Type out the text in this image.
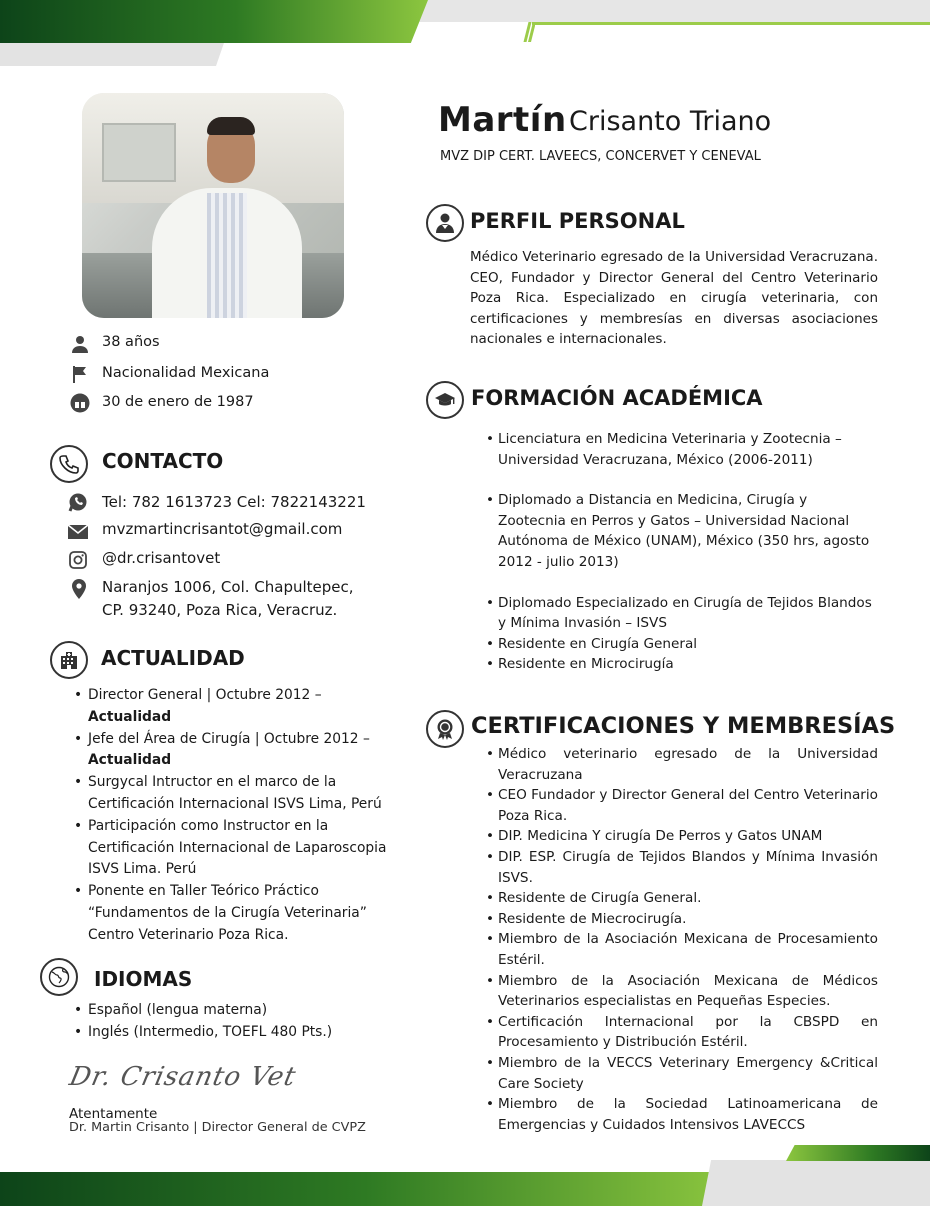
Martín Crisanto Triano
MVZ DIP CERT. LAVEECS, CONCERVET Y CENEVAL
38 años
Nacionalidad Mexicana
30 de enero de 1987
CONTACTO
Tel: 782 1613723 Cel: 7822143221
mvzmartincrisantot@gmail.com
@dr.crisantovet
Naranjos 1006, Col. Chapultepec,
CP. 93240, Poza Rica, Veracruz.
ACTUALIDAD
• Director General | Octubre 2012 –
Actualidad
• Jefe del Área de Cirugía | Octubre 2012 –
Actualidad
• Surgycal Intructor en el marco de la Certificación Internacional ISVS Lima, Perú
• Participación como Instructor en la Certificación Internacional de Laparoscopia ISVS Lima. Perú
• Ponente en Taller Teórico Práctico “Fundamentos de la Cirugía Veterinaria” Centro Veterinario Poza Rica.
IDIOMAS
• Español (lengua materna)
• Inglés (Intermedio, TOEFL 480 Pts.)
Dr. Crisanto Vet
Atentamente
Dr. Martin Crisanto | Director General de CVPZ
PERFIL PERSONAL
Médico Veterinario egresado de la Universidad Veracruzana. CEO, Fundador y Director General del Centro Veterinario Poza Rica. Especializado en cirugía veterinaria, con certificaciones y membresías en diversas asociaciones nacionales e internacionales.
FORMACIÓN ACADÉMICA
• Licenciatura en Medicina Veterinaria y Zootecnia – Universidad Veracruzana, México (2006-2011)
• Diplomado a Distancia en Medicina, Cirugía y Zootecnia en Perros y Gatos – Universidad Nacional Autónoma de México (UNAM), México (350 hrs, agosto 2012 - julio 2013)
• Diplomado Especializado en Cirugía de Tejidos Blandos y Mínima Invasión – ISVS
• Residente en Cirugía General
• Residente en Microcirugía
CERTIFICACIONES Y MEMBRESÍAS
• Médico veterinario egresado de la Universidad Veracruzana
• CEO Fundador y Director General del Centro Veterinario Poza Rica.
• DIP. Medicina Y cirugía De Perros y Gatos UNAM
• DIP. ESP. Cirugía de Tejidos Blandos y Mínima Invasión ISVS.
• Residente de Cirugía General.
• Residente de Miecrocirugía.
• Miembro de la Asociación Mexicana de Procesamiento Estéril.
• Miembro de la Asociación Mexicana de Médicos Veterinarios especialistas en Pequeñas Especies.
• Certificación Internacional por la CBSPD en Procesamiento y Distribución Estéril.
• Miembro de la VECCS Veterinary Emergency &Critical Care Society
• Miembro de la Sociedad Latinoamericana de Emergencias y Cuidados Intensivos LAVECCS
